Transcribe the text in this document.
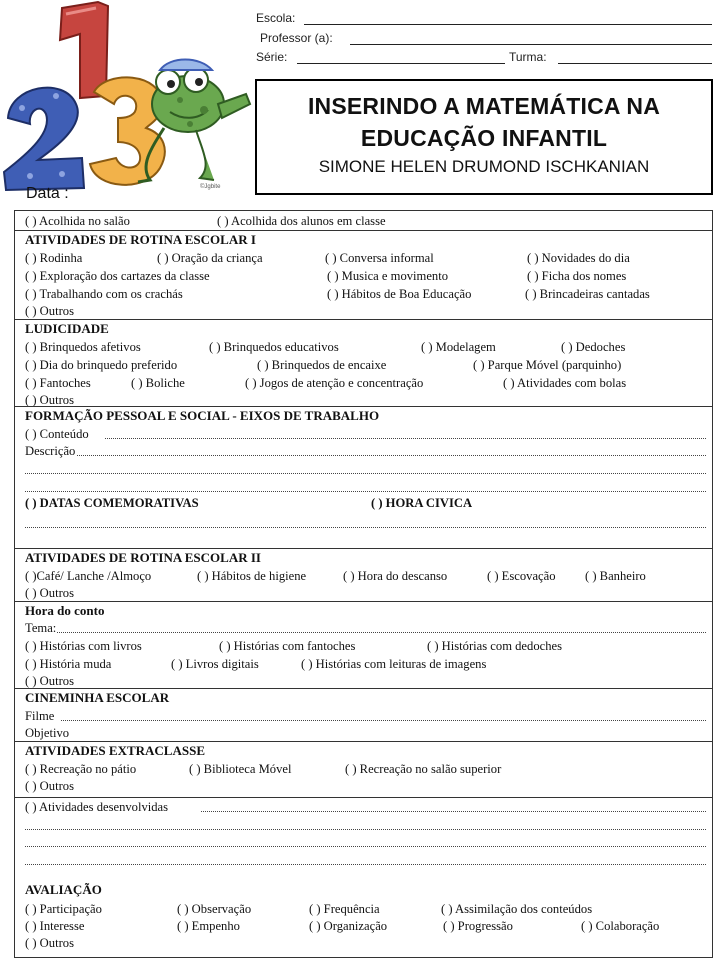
©Jgbite
Escola:
Professor (a):
Série:	Turma:
INSERINDO A MATEMÁTICA NA
EDUCAÇÃO INFANTIL
SIMONE HELEN DRUMOND ISCHKANIAN
Data :
( ) Acolhida no salão	( ) Acolhida dos alunos em classe
ATIVIDADES DE ROTINA ESCOLAR I
( ) Rodinha	( ) Oração da criança	( ) Conversa informal	( ) Novidades do dia
( ) Exploração dos cartazes da classe	( ) Musica e movimento	( ) Ficha dos nomes
( ) Trabalhando com os crachás	( ) Hábitos de Boa Educação	( ) Brincadeiras cantadas
( ) Outros
LUDICIDADE
( ) Brinquedos afetivos	( ) Brinquedos educativos	( ) Modelagem	( ) Dedoches
( ) Dia do brinquedo preferido	( ) Brinquedos de encaixe	( ) Parque Móvel (parquinho)
( ) Fantoches	( ) Boliche	( ) Jogos de atenção e concentração	( ) Atividades com bolas
( ) Outros
FORMAÇÃO PESSOAL E SOCIAL - EIXOS DE TRABALHO
( ) Conteúdo
Descrição
( ) DATAS COMEMORATIVAS	( ) HORA CIVICA
ATIVIDADES DE ROTINA ESCOLAR II
( )Café/ Lanche /Almoço	( ) Hábitos de higiene	( ) Hora do descanso	( ) Escovação ( ) Banheiro
( ) Outros
Hora do conto
Tema:
( ) Histórias com livros	( ) Histórias com fantoches	( ) Histórias com dedoches
( ) História muda	( ) Livros digitais	( ) Histórias com leituras de imagens
( ) Outros
CINEMINHA ESCOLAR
Filme
Objetivo
ATIVIDADES EXTRACLASSE
( ) Recreação no pátio	( ) Biblioteca Móvel	( ) Recreação no salão superior
( ) Outros
( ) Atividades desenvolvidas
AVALIAÇÃO
( ) Participação	( ) Observação	( ) Frequência	( ) Assimilação dos conteúdos
( ) Interesse	( ) Empenho	( ) Organização	( ) Progressão	( ) Colaboração
( ) Outros
